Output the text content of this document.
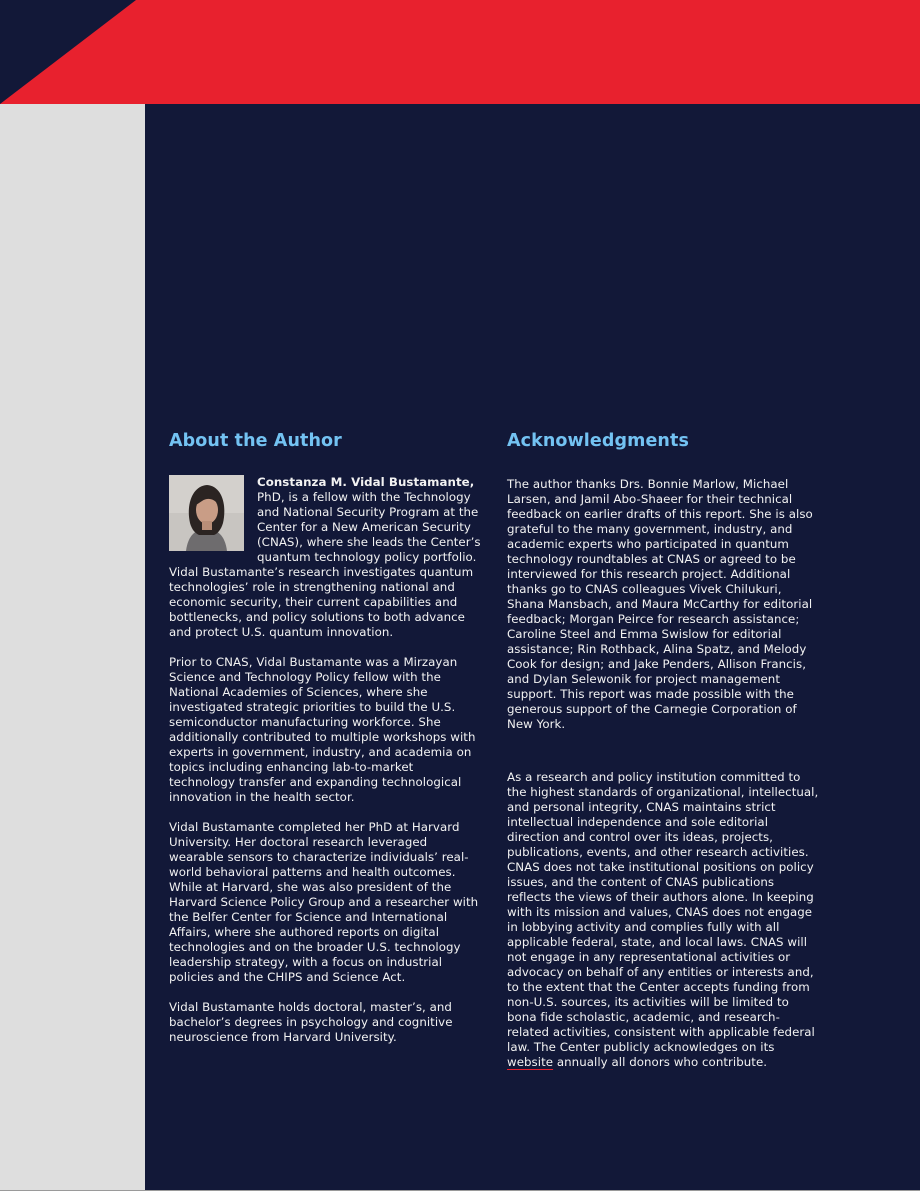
About the Author

Constanza M. Vidal Bustamante, PhD, is a fellow with the Technology and National Security Program at the Center for a New American Security (CNAS), where she leads the Center’s quantum technology policy portfolio. Vidal Bustamante’s research investigates quantum technologies’ role in strengthening national and economic security, their current capabilities and bottlenecks, and policy solutions to both advance and protect U.S. quantum innovation.

Prior to CNAS, Vidal Bustamante was a Mirzayan Science and Technology Policy fellow with the National Academies of Sciences, where she investigated strategic priorities to build the U.S. semiconductor manufacturing workforce. She additionally contributed to multiple workshops with experts in government, industry, and academia on topics including enhancing lab-to-market technology transfer and expanding technological innovation in the health sector.

Vidal Bustamante completed her PhD at Harvard University. Her doctoral research leveraged wearable sensors to characterize individuals’ real-world behavioral patterns and health outcomes. While at Harvard, she was also president of the Harvard Science Policy Group and a researcher with the Belfer Center for Science and International Affairs, where she authored reports on digital technologies and on the broader U.S. technology leadership strategy, with a focus on industrial policies and the CHIPS and Science Act.

Vidal Bustamante holds doctoral, master’s, and bachelor’s degrees in psychology and cognitive neuroscience from Harvard University.

Acknowledgments

The author thanks Drs. Bonnie Marlow, Michael Larsen, and Jamil Abo-Shaeer for their technical feedback on earlier drafts of this report. She is also grateful to the many government, industry, and academic experts who participated in quantum technology roundtables at CNAS or agreed to be interviewed for this research project. Additional thanks go to CNAS colleagues Vivek Chilukuri, Shana Mansbach, and Maura McCarthy for editorial feedback; Morgan Peirce for research assistance; Caroline Steel and Emma Swislow for editorial assistance; Rin Rothback, Alina Spatz, and Melody Cook for design; and Jake Penders, Allison Francis, and Dylan Selewonik for project management support. This report was made possible with the generous support of the Carnegie Corporation of New York.

As a research and policy institution committed to the highest standards of organizational, intellectual, and personal integrity, CNAS maintains strict intellectual independence and sole editorial direction and control over its ideas, projects, publications, events, and other research activities. CNAS does not take institutional positions on policy issues, and the content of CNAS publications reflects the views of their authors alone. In keeping with its mission and values, CNAS does not engage in lobbying activity and complies fully with all applicable federal, state, and local laws. CNAS will not engage in any representational activities or advocacy on behalf of any entities or interests and, to the extent that the Center accepts funding from non-U.S. sources, its activities will be limited to bona fide scholastic, academic, and research-related activities, consistent with applicable federal law. The Center publicly acknowledges on its website annually all donors who contribute.
